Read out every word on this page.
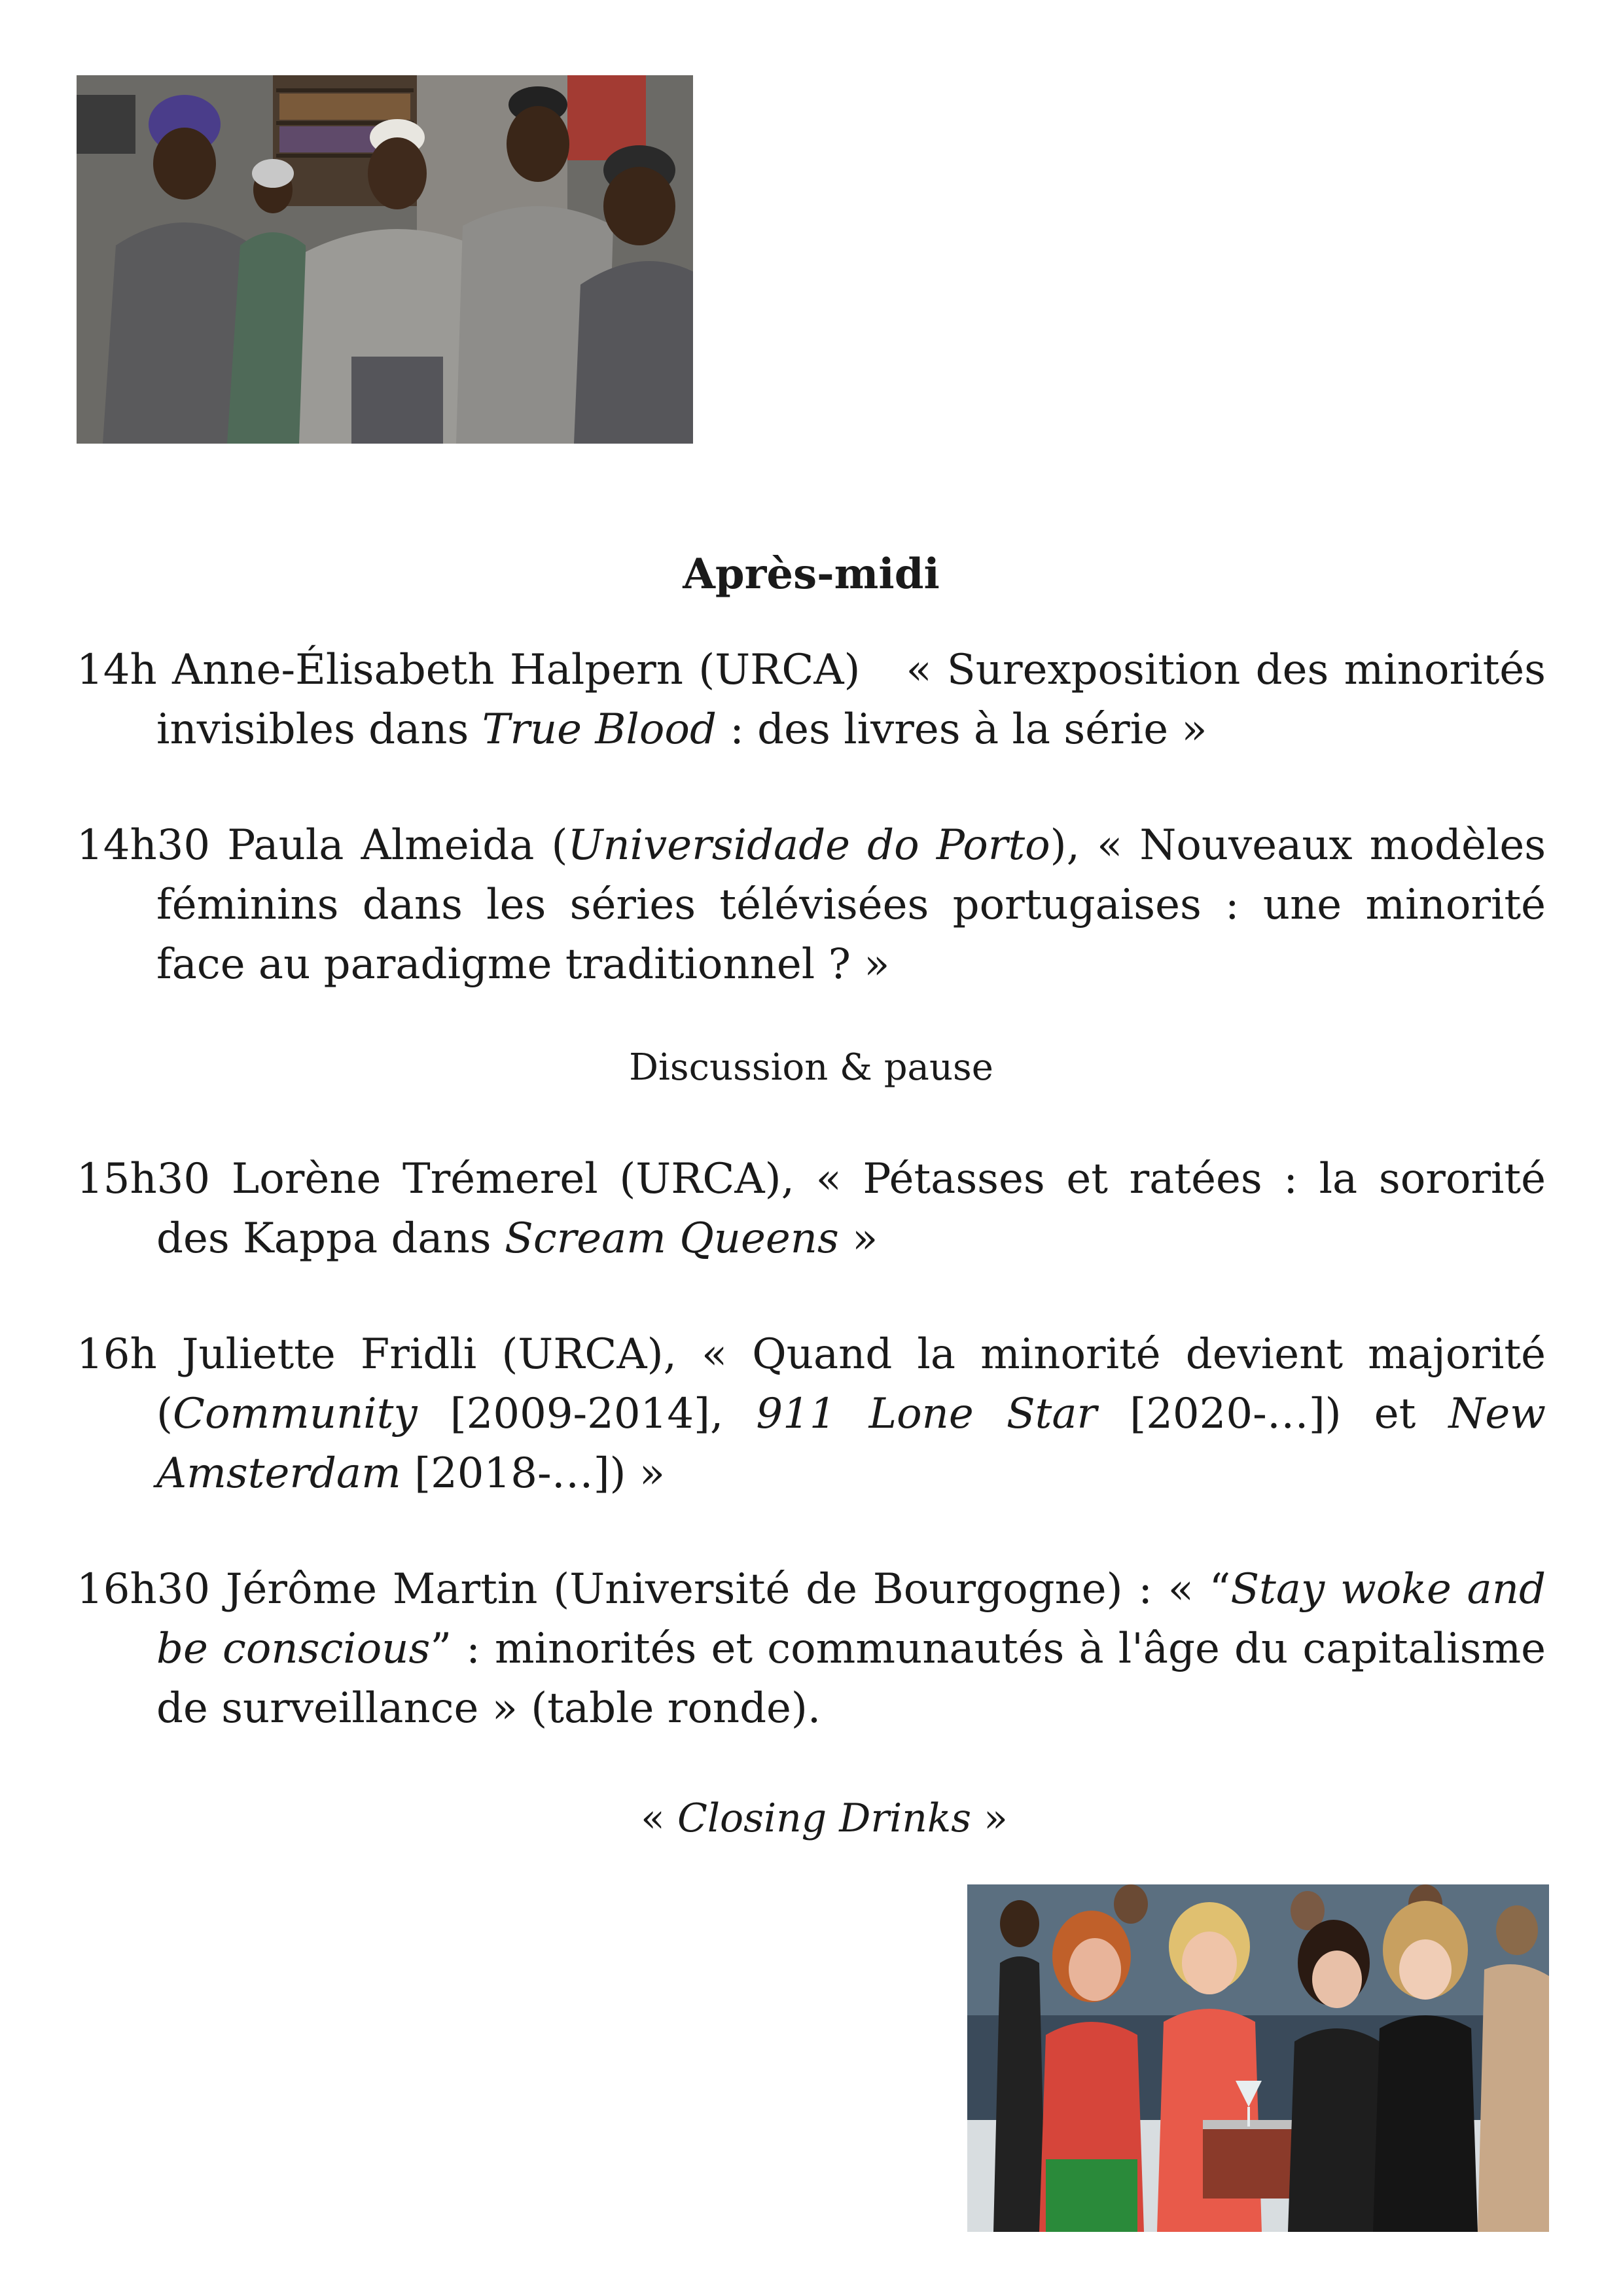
Après-midi

14h Anne-Élisabeth Halpern (URCA) « Surexposition des minorités invisibles dans True Blood : des livres à la série »

14h30 Paula Almeida (Universidade do Porto), « Nouveaux modèles féminins dans les séries télévisées portugaises : une minorité face au paradigme traditionnel ? »

Discussion & pause

15h30 Lorène Trémerel (URCA), « Pétasses et ratées : la sororité des Kappa dans Scream Queens »

16h Juliette Fridli (URCA), « Quand la minorité devient majorité (Community [2009-2014], 911 Lone Star [2020-…]) et New Amsterdam [2018-…]) »

16h30 Jérôme Martin (Université de Bourgogne) : « “Stay woke and be conscious” : minorités et communautés à l'âge du capitalisme de surveillance » (table ronde).

« Closing Drinks »
